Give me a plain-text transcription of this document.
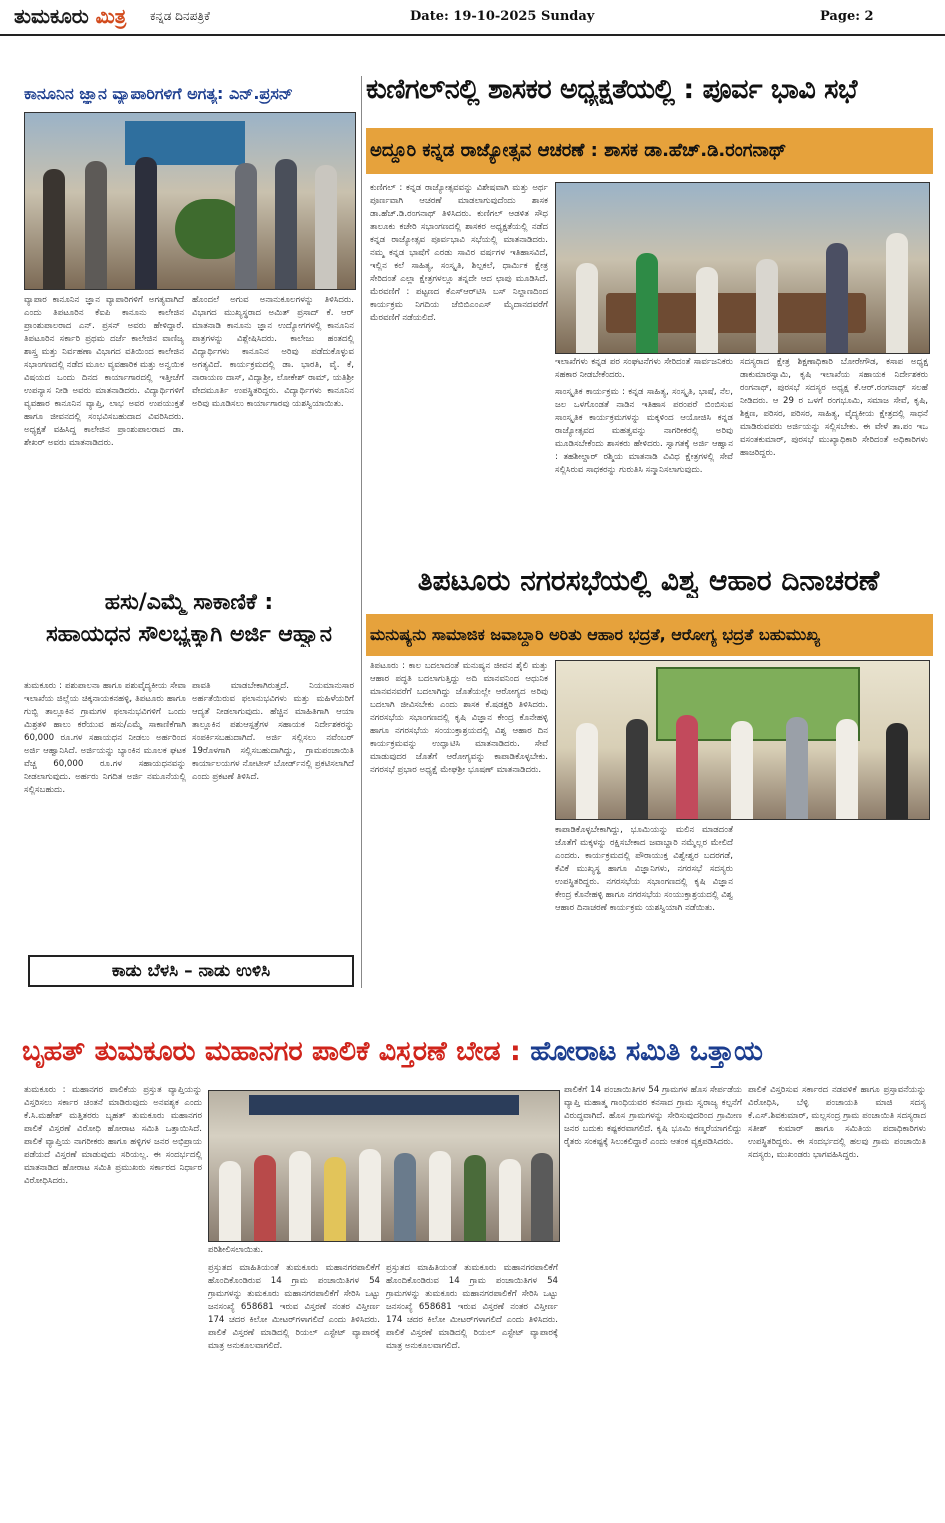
ತುಮಕೂರು ಮಿತ್ರ ಕನ್ನಡ ದಿನಪತ್ರಿಕೆ	Date: 19-10-2025 Sunday	Page: 2
ಕಾನೂನಿನ ಜ್ಞಾನ ವ್ಯಾಪಾರಿಗಳಿಗೆ ಅಗತ್ಯ: ಎನ್.ಪ್ರಸನ್
ವ್ಯಾಪಾರ ಕಾನೂನಿನ ಜ್ಞಾನ ವ್ಯಾಪಾರಿಗಳಿಗೆ ಅಗತ್ಯವಾಗಿದೆ ಎಂದು ತಿಪಟೂರಿನ ಕೆಐಪಿ ಕಾನೂನು ಕಾಲೇಜಿನ ಪ್ರಾಂಶುಪಾಲರಾದ ಎನ್. ಪ್ರಸನ್ ಅವರು ಹೇಳಿದ್ದಾರೆ. ತಿಪಟೂರಿನ ಸರ್ಕಾರಿ ಪ್ರಥಮ ದರ್ಜೆ ಕಾಲೇಜಿನ ವಾಣಿಜ್ಯ ಶಾಸ್ತ್ರ ಮತ್ತು ನಿರ್ವಹಣಾ ವಿಭಾಗದ ವತಿಯಿಂದ ಕಾಲೇಜಿನ ಸಭಾಂಗಣದಲ್ಲಿ ನಡೆದ ಮೂಲ ವ್ಯವಹಾರಿಕ ಮತ್ತು ಅನ್ವಯಿಕ ವಿಷಯದ ಒಂದು ದಿನದ ಕಾರ್ಯಾಗಾರದಲ್ಲಿ ಇತ್ತೀಚೆಗೆ ಉಪನ್ಯಾಸ ನೀಡಿ ಅವರು ಮಾತನಾಡಿದರು. ವಿದ್ಯಾರ್ಥಿಗಳಿಗೆ ವ್ಯವಹಾರ ಕಾನೂನಿನ ವ್ಯಾಪ್ತಿ, ಲಾಭ ಅವರ ಉಪಯುಕ್ತತೆ ಹಾಗೂ ಜೀವನದಲ್ಲಿ ಸಂಭವಿಸಬಹುದಾದ ವಿವರಿಸಿದರು. ಅಧ್ಯಕ್ಷತೆ ವಹಿಸಿದ್ದ ಕಾಲೇಜಿನ ಪ್ರಾಂಶುಪಾಲರಾದ ಡಾ. ಶೇಖರ್ ಅವರು ಮಾತನಾಡಿದರು.
ಹೊಂದಲೆ ಅಗುವ ಅನಾನುಕೂಲಗಳನ್ನು ತಿಳಿಸಿದರು. ವಿಭಾಗದ ಮುಖ್ಯಸ್ಥರಾದ ಅಮಿತ್ ಪ್ರಸಾದ್ ಕೆ. ಆರ್ ಮಾತನಾಡಿ ಕಾನೂನು ಜ್ಞಾನ ಉದ್ಯೋಗಗಳಲ್ಲಿ ಕಾನೂನಿನ ಪಾತ್ರಗಳನ್ನು ವಿಶ್ಲೇಷಿಸಿದರು. ಕಾಲೇಜು ಹಂತದಲ್ಲಿ ವಿದ್ಯಾರ್ಥಿಗಳು ಕಾನೂನಿನ ಅರಿವು ಪಡೆದುಕೊಳ್ಳುವ ಅಗತ್ಯವಿದೆ. ಕಾರ್ಯಕ್ರಮದಲ್ಲಿ ಡಾ. ಭಾರತಿ, ವೈ. ಕೆ, ನಾರಾಯಣ ದಾಸ್, ವಿದ್ಯಾಶ್ರೀ, ಲೋಕೇಶ್ ರಾಮ್, ಯತಿಶ್ರೀ ವೇದಮೂರ್ತಿ ಉಪಸ್ಥಿತರಿದ್ದರು. ವಿದ್ಯಾರ್ಥಿಗಳು ಕಾನೂನಿನ ಅರಿವು ಮೂಡಿಸಲು ಕಾರ್ಯಾಗಾರವು ಯಶಸ್ವಿಯಾಯಿತು.
ಹಸು/ಎಮ್ಮೆ ಸಾಕಾಣಿಕೆ :
ಸಹಾಯಧನ ಸೌಲಭ್ಯಕ್ಕಾಗಿ ಅರ್ಜಿ ಆಹ್ವಾನ
ತುಮಕೂರು : ಪಶುಪಾಲನಾ ಹಾಗೂ ಪಶುವೈದ್ಯಕೀಯ ಸೇವಾ ಇಲಾಖೆಯ ಜಿಲ್ಲೆಯ ಚಿಕ್ಕನಾಯಕನಹಳ್ಳಿ, ತಿಪಟೂರು ಹಾಗೂ ಗುಬ್ಬಿ ತಾಲ್ಲೂಕಿನ ಗ್ರಾಮಗಳ ಫಲಾನುಭವಿಗಳಿಗೆ ಒಂದು ಮಿಶ್ರತಳಿ ಹಾಲು ಕರೆಯುವ ಹಸು/ಎಮ್ಮೆ ಸಾಕಾಣಿಕೆಗಾಗಿ 60,000 ರೂ.ಗಳ ಸಹಾಯಧನ ನೀಡಲು ಅರ್ಹರಿಂದ ಅರ್ಜಿ ಆಹ್ವಾನಿಸಿದೆ. ಅರ್ಜಿಯನ್ನು ಬ್ಯಾಂಕಿನ ಮೂಲಕ ಘಟಕ ವೆಚ್ಚ 60,000 ರೂ.ಗಳ ಸಹಾಯಧನವನ್ನು ನೀಡಲಾಗುವುದು. ಅರ್ಹರು ನಿಗದಿತ ಅರ್ಜಿ ನಮೂನೆಯಲ್ಲಿ ಸಲ್ಲಿಸಬಹುದು.
ಪಾವತಿ ಮಾಡಬೇಕಾಗಿರುತ್ತದೆ. ನಿಯಮಾನುಸಾರ ಅರ್ಹತೆಯಿರುವ ಫಲಾನುಭವಿಗಳು ಮತ್ತು ಮಹಿಳೆಯರಿಗೆ ಆದ್ಯತೆ ನೀಡಲಾಗುವುದು. ಹೆಚ್ಚಿನ ಮಾಹಿತಿಗಾಗಿ ಆಯಾ ತಾಲ್ಲೂಕಿನ ಪಶುಆಸ್ಪತ್ರೆಗಳ ಸಹಾಯಕ ನಿರ್ದೇಶಕರನ್ನು ಸಂಪರ್ಕಿಸಬಹುದಾಗಿದೆ. ಅರ್ಜಿ ಸಲ್ಲಿಸಲು ನವೆಂಬರ್ 19ರೊಳಗಾಗಿ ಸಲ್ಲಿಸಬಹುದಾಗಿದ್ದು, ಗ್ರಾಮಪಂಚಾಯಿತಿ ಕಾರ್ಯಾಲಯಗಳ ನೋಟೀಸ್ ಬೋರ್ಡ್‌ನಲ್ಲಿ ಪ್ರಕಟಿಸಲಾಗಿದೆ ಎಂದು ಪ್ರಕಟಣೆ ತಿಳಿಸಿದೆ.
ಕಾಡು ಬೆಳಸಿ – ನಾಡು ಉಳಿಸಿ
ಕುಣಿಗಲ್‌ನಲ್ಲಿ ಶಾಸಕರ ಅಧ್ಯಕ್ಷತೆಯಲ್ಲಿ : ಪೂರ್ವ ಭಾವಿ ಸಭೆ
ಅದ್ದೂರಿ ಕನ್ನಡ ರಾಜ್ಯೋತ್ಸವ ಆಚರಣೆ : ಶಾಸಕ ಡಾ.ಹೆಚ್.ಡಿ.ರಂಗನಾಥ್
ಕುಣಿಗಲ್ : ಕನ್ನಡ ರಾಜ್ಯೋತ್ಸವವನ್ನು ವಿಶೇಷವಾಗಿ ಮತ್ತು ಅರ್ಥ ಪೂರ್ಣವಾಗಿ ಆಚರಣೆ ಮಾಡಲಾಗುವುದೆಂದು ಶಾಸಕ ಡಾ.ಹೆಚ್.ಡಿ.ರಂಗನಾಥ್ ತಿಳಿಸಿದರು. ಕುಣಿಗಲ್ ಆಡಳಿತ ಸೌಧ ತಾಲೂಕು ಕಚೇರಿ ಸಭಾಂಗಣದಲ್ಲಿ ಶಾಸಕರ ಅಧ್ಯಕ್ಷತೆಯಲ್ಲಿ ನಡೆದ ಕನ್ನಡ ರಾಜ್ಯೋತ್ಸವ ಪೂರ್ವಭಾವಿ ಸಭೆಯಲ್ಲಿ ಮಾತನಾಡಿದರು. ನಮ್ಮ ಕನ್ನಡ ಭಾಷೆಗೆ ಎರಡು ಸಾವಿರ ವರ್ಷಗಳ ಇತಿಹಾಸವಿದೆ, ಇಲ್ಲಿನ ಕಲೆ ಸಾಹಿತ್ಯ, ಸಂಸ್ಕೃತಿ, ಶಿಲ್ಪಕಲೆ, ಧಾರ್ಮಿಕ ಕ್ಷೇತ್ರ ಸೇರಿದಂತೆ ಎಲ್ಲಾ ಕ್ಷೇತ್ರಗಳಲ್ಲೂ ತನ್ನದೇ ಆದ ಛಾಪು ಮೂಡಿಸಿದೆ. ಮೆರವಣಿಗೆ : ಪಟ್ಟಣದ ಕೆಎಸ್‌ಆರ್‌ಟಿಸಿ ಬಸ್ ನಿಲ್ದಾಣದಿಂದ ಕಾರ್ಯಕ್ರಮ ನಿಗದಿಯ ಜೆಬಿಬಿಎಂಎಸ್ ಮೈದಾನದವರೆಗೆ ಮೆರವಣಿಗೆ ನಡೆಯಲಿದೆ.
ಇಲಾಖೆಗಳು ಕನ್ನಡ ಪರ ಸಂಘಟನೆಗಳು ಸೇರಿದಂತೆ ಸಾರ್ವಜನಿಕರು ಸಹಕಾರ ನೀಡಬೇಕೆಂದರು.
ಸಾಂಸ್ಕೃತಿಕ ಕಾರ್ಯಕ್ರಮ : ಕನ್ನಡ ಸಾಹಿತ್ಯ, ಸಂಸ್ಕೃತಿ, ಭಾಷೆ, ನೆಲ, ಜಲ ಒಳಗೊಂಡತೆ ನಾಡಿನ ಇತಿಹಾಸ ಪರಂಪರೆ ಬಿಂಬಿಸುವ ಸಾಂಸ್ಕೃತಿಕ ಕಾರ್ಯಕ್ರಮಗಳನ್ನು ಮಕ್ಕಳಿಂದ ಆಯೋಜಿಸಿ ಕನ್ನಡ ರಾಜ್ಯೋತ್ಸವದ ಮಹತ್ವವನ್ನು ನಾಗರೀಕರಲ್ಲಿ ಅರಿವು ಮೂಡಿಸಬೇಕೆಂದು ಶಾಸಕರು ಹೇಳಿದರು. ಸ್ವಾಗತಕ್ಕೆ ಅರ್ಜಿ ಆಹ್ವಾನ : ತಹಶೀಲ್ದಾರ್ ರಶ್ಮಿಯ ಮಾತನಾಡಿ ವಿವಿಧ ಕ್ಷೇತ್ರಗಳಲ್ಲಿ ಸೇವೆ ಸಲ್ಲಿಸಿರುವ ಸಾಧಕರನ್ನು ಗುರುತಿಸಿ ಸನ್ಮಾನಿಸಲಾಗುವುದು.
ಸದಸ್ಯರಾದ ಕ್ಷೇತ್ರ ಶಿಕ್ಷಣಾಧಿಕಾರಿ ಬೋರೇಗೌಡ, ಕಸಾಪ ಅಧ್ಯಕ್ಷ ಡಾಕುಮಾರಸ್ವಾಮಿ, ಕೃಷಿ ಇಲಾಖೆಯ ಸಹಾಯಕ ನಿರ್ದೇಶಕರು ರಂಗನಾಥ್, ಪುರಸಭೆ ಸದಸ್ಯರ ಅಧ್ಯಕ್ಷ ಕೆ.ಆರ್.ರಂಗನಾಥ್ ಸಲಹೆ ನೀಡಿದರು. ಆ 29 ರ ಒಳಗೆ ರಂಗಭೂಮಿ, ಸಮಾಜ ಸೇವೆ, ಕೃಷಿ, ಶಿಕ್ಷಣ, ಪರಿಸರ, ಪರಿಸರ, ಸಾಹಿತ್ಯ, ವೈದ್ಯಕೀಯ ಕ್ಷೇತ್ರದಲ್ಲಿ ಸಾಧನೆ ಮಾಡಿರುವವರು ಅರ್ಜಿಯನ್ನು ಸಲ್ಲಿಸಬೇಕು. ಈ ವೇಳೆ ತಾ.ಪಂ ಇಒ ವಸಂತಕುಮಾರ್, ಪುರಸಭೆ ಮುಖ್ಯಾಧಿಕಾರಿ ಸೇರಿದಂತೆ ಅಧಿಕಾರಿಗಳು ಹಾಜರಿದ್ದರು.
ತಿಪಟೂರು ನಗರಸಭೆಯಲ್ಲಿ ವಿಶ್ವ ಆಹಾರ ದಿನಾಚರಣೆ
ಮನುಷ್ಯನು ಸಾಮಾಜಿಕ ಜವಾಬ್ದಾರಿ ಅರಿತು ಆಹಾರ ಭದ್ರತೆ, ಆರೋಗ್ಯ ಭದ್ರತೆ ಬಹುಮುಖ್ಯ
ತಿಪಟೂರು : ಕಾಲ ಬದಲಾದಂತೆ ಮನುಷ್ಯನ ಜೀವನ ಶೈಲಿ ಮತ್ತು ಆಹಾರ ಪದ್ಧತಿ ಬದಲಾಗುತ್ತಿದ್ದು ಅದಿ ಮಾನವನಿಂದ ಆಧುನಿಕ ಮಾನವನವರೆಗೆ ಬದಲಾಗಿದ್ದು ಜೊತೆಯಲ್ಲೇ ಆರೋಗ್ಯದ ಅರಿವು ಬದಲಾಗಿ ಜೀವಿಸಬೇಕು ಎಂದು ಶಾಸಕ ಕೆ.ಷಡಕ್ಷರಿ ತಿಳಿಸಿದರು. ನಗರಸಭೆಯ ಸಭಾಂಗಣದಲ್ಲಿ ಕೃಷಿ ವಿಜ್ಞಾನ ಕೇಂದ್ರ ಕೊನೇಹಳ್ಳಿ ಹಾಗೂ ನಗರಸಭೆಯ ಸಂಯುಕ್ತಾಶ್ರಯದಲ್ಲಿ ವಿಶ್ವ ಆಹಾರ ದಿನ ಕಾರ್ಯಕ್ರಮವನ್ನು ಉದ್ಘಾಟಿಸಿ ಮಾತನಾಡಿದರು. ಸೇವೆ ಮಾಡುವುದರ ಜೊತೆಗೆ ಆರೋಗ್ಯವನ್ನು ಕಾಪಾಡಿಕೊಳ್ಳಬೇಕು. ನಗರಸಭೆ ಪ್ರಭಾರ ಅಧ್ಯಕ್ಷೆ ಮೇಘಶ್ರೀ ಭೂಷಣ್ ಮಾತನಾಡಿದರು.
ಕಾಪಾಡಿಕೊಳ್ಳಬೇಕಾಗಿದ್ದು, ಭೂಮಿಯನ್ನು ಮಲಿನ ಮಾಡದಂತೆ ಜೊತೆಗೆ ಮಕ್ಕಳನ್ನು ರಕ್ಷಿಸಬೇಕಾದ ಜವಾಬ್ದಾರಿ ನಮ್ಮೆಲ್ಲರ ಮೇಲಿದೆ ಎಂದರು. ಕಾರ್ಯಕ್ರಮದಲ್ಲಿ ಪೌರಾಯುಕ್ತ ವಿಶ್ವೇಶ್ವರ ಬದರಗಡೆ, ಕೆವಿಕೆ ಮುಖ್ಯಸ್ಥ ಹಾಗೂ ವಿಜ್ಞಾನಿಗಳು, ನಗರಸಭೆ ಸದಸ್ಯರು ಉಪಸ್ಥಿತರಿದ್ದರು. ನಗರಸಭೆಯ ಸಭಾಂಗಣದಲ್ಲಿ ಕೃಷಿ ವಿಜ್ಞಾನ ಕೇಂದ್ರ ಕೊನೇಹಳ್ಳಿ ಹಾಗೂ ನಗರಸಭೆಯ ಸಂಯುಕ್ತಾಶ್ರಯದಲ್ಲಿ ವಿಶ್ವ ಆಹಾರ ದಿನಾಚರಣೆ ಕಾರ್ಯಕ್ರಮ ಯಶಸ್ವಿಯಾಗಿ ನಡೆಯಿತು.
ಬೃಹತ್ ತುಮಕೂರು ಮಹಾನಗರ ಪಾಲಿಕೆ ವಿಸ್ತರಣೆ ಬೇಡ : ಹೋರಾಟ ಸಮಿತಿ ಒತ್ತಾಯ
ತುಮಕೂರು : ಮಹಾನಗರ ಪಾಲಿಕೆಯ ಪ್ರಸ್ತುತ ವ್ಯಾಪ್ತಿಯನ್ನು ವಿಸ್ತರಿಸಲು ಸರ್ಕಾರ ಚಿಂತನೆ ಮಾಡಿರುವುದು ಅನವಶ್ಯಕ ಎಂದು ಕೆ.ಸಿ.ಮಹೇಶ್ ಮತ್ತಿತರರು ಬೃಹತ್ ತುಮಕೂರು ಮಹಾನಗರ ಪಾಲಿಕೆ ವಿಸ್ತರಣೆ ವಿರೋಧಿ ಹೋರಾಟ ಸಮಿತಿ ಒತ್ತಾಯಿಸಿದೆ. ಪಾಲಿಕೆ ವ್ಯಾಪ್ತಿಯ ನಾಗರೀಕರು ಹಾಗೂ ಹಳ್ಳಿಗಳ ಜನರ ಅಭಿಪ್ರಾಯ ಪಡೆಯದೆ ವಿಸ್ತರಣೆ ಮಾಡುವುದು ಸರಿಯಲ್ಲ. ಈ ಸಂದರ್ಭದಲ್ಲಿ ಮಾತನಾಡಿದ ಹೋರಾಟ ಸಮಿತಿ ಪ್ರಮುಖರು ಸರ್ಕಾರದ ನಿರ್ಧಾರ ವಿರೋಧಿಸಿದರು.
ಪರಿಶೀಲಿಸಲಾಯಿತು.
ಪ್ರಸ್ತುತದ ಮಾಹಿತಿಯಂತೆ ತುಮಕೂರು ಮಹಾನಗರಪಾಲಿಕೆಗೆ ಹೊಂದಿಕೊಂಡಿರುವ 14 ಗ್ರಾಮ ಪಂಚಾಯಿತಿಗಳ 54 ಗ್ರಾಮಗಳನ್ನು ತುಮಕೂರು ಮಹಾನಗರಪಾಲಿಕೆಗೆ ಸೇರಿಸಿ ಒಟ್ಟು ಜನಸಂಖ್ಯೆ 658681 ಇರುವ ವಿಸ್ತರಣೆ ನಂತರ ವಿಸ್ತೀರ್ಣ 174 ಚದರ ಕಿಲೋ ಮೀಟರ್‌ಗಳಾಗಲಿದೆ ಎಂದು ತಿಳಿಸಿದರು. ಪಾಲಿಕೆ ವಿಸ್ತರಣೆ ಮಾಡಿದಲ್ಲಿ ರಿಯಲ್ ಎಸ್ಟೇಟ್ ವ್ಯಾಪಾರಕ್ಕೆ ಮಾತ್ರ ಅನುಕೂಲವಾಗಲಿದೆ.
ಪ್ರಸ್ತುತದ ಮಾಹಿತಿಯಂತೆ ತುಮಕೂರು ಮಹಾನಗರಪಾಲಿಕೆಗೆ ಹೊಂದಿಕೊಂಡಿರುವ 14 ಗ್ರಾಮ ಪಂಚಾಯಿತಿಗಳ 54 ಗ್ರಾಮಗಳನ್ನು ತುಮಕೂರು ಮಹಾನಗರಪಾಲಿಕೆಗೆ ಸೇರಿಸಿ ಒಟ್ಟು ಜನಸಂಖ್ಯೆ 658681 ಇರುವ ವಿಸ್ತರಣೆ ನಂತರ ವಿಸ್ತೀರ್ಣ 174 ಚದರ ಕಿಲೋ ಮೀಟರ್‌ಗಳಾಗಲಿದೆ ಎಂದು ತಿಳಿಸಿದರು. ಪಾಲಿಕೆ ವಿಸ್ತರಣೆ ಮಾಡಿದಲ್ಲಿ ರಿಯಲ್ ಎಸ್ಟೇಟ್ ವ್ಯಾಪಾರಕ್ಕೆ ಮಾತ್ರ ಅನುಕೂಲವಾಗಲಿದೆ.
ಪಾಲಿಕೆಗೆ 14 ಪಂಚಾಯಿತಿಗಳ 54 ಗ್ರಾಮಗಳ ಹೊಸ ಸೇರ್ಪಡೆಯ ವ್ಯಾಪ್ತಿ ಮಹಾತ್ಮ ಗಾಂಧಿಯವರ ಕನಸಾದ ಗ್ರಾಮ ಸ್ವರಾಜ್ಯ ಕಲ್ಪನೆಗೆ ವಿರುದ್ಧವಾಗಿದೆ. ಹೊಸ ಗ್ರಾಮಗಳನ್ನು ಸೇರಿಸುವುದರಿಂದ ಗ್ರಾಮೀಣ ಜನರ ಬದುಕು ಕಷ್ಟಕರವಾಗಲಿದೆ. ಕೃಷಿ ಭೂಮಿ ಕಣ್ಮರೆಯಾಗಲಿದ್ದು ರೈತರು ಸಂಕಷ್ಟಕ್ಕೆ ಸಿಲುಕಲಿದ್ದಾರೆ ಎಂದು ಆತಂಕ ವ್ಯಕ್ತಪಡಿಸಿದರು.
ಪಾಲಿಕೆ ವಿಸ್ತರಿಸುವ ಸರ್ಕಾರದ ನಡವಳಿಕೆ ಹಾಗೂ ಪ್ರಸ್ತಾವನೆಯನ್ನು ವಿರೋಧಿಸಿ, ಬೆಳ್ಳಿ ಪಂಚಾಯತಿ ಮಾಜಿ ಸದಸ್ಯ ಕೆ.ಎಸ್.ಶಿವಕುಮಾರ್, ಮಲ್ಲಸಂದ್ರ ಗ್ರಾಮ ಪಂಚಾಯಿತಿ ಸದಸ್ಯರಾದ ಸತೀಶ್ ಕುಮಾರ್ ಹಾಗೂ ಸಮಿತಿಯ ಪದಾಧಿಕಾರಿಗಳು ಉಪಸ್ಥಿತರಿದ್ದರು. ಈ ಸಂದರ್ಭದಲ್ಲಿ ಹಲವು ಗ್ರಾಮ ಪಂಚಾಯಿತಿ ಸದಸ್ಯರು, ಮುಖಂಡರು ಭಾಗವಹಿಸಿದ್ದರು.
